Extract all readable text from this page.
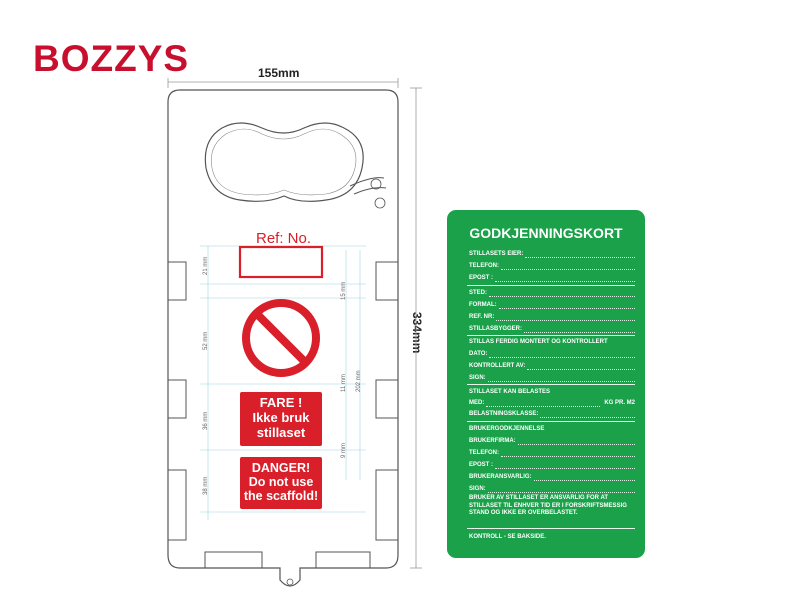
BOZZYS	155mm
334mm
Ref: No.
21 mm
52 mm
36 mm
38 mm
15 mm
11 mm 202 mm
9 mm
FARE !
Ikke bruk
stillaset
DANGER!
Do not use
the scaffold!
GODKJENNINGSKORT
STILLASETS EIER:
TELEFON:
EPOST :
STED:
FORMAL:
REF. NR:
STILLASBYGGER:
STILLAS FERDIG MONTERT OG KONTROLLERT
DATO:
KONTROLLERT AV:
SIGN:
STILLASET KAN BELASTES
MED:	KG PR. M2
BELASTNINGSKLASSE:
BRUKERGODKJENNELSE
BRUKERFIRMA:
TELEFON:
EPOST :
BRUKERANSVARLIG:
SIGN:
BRUKER AV STILLASET ER ANSVARLIG FOR AT STILLASET TIL ENHVER TID ER I FORSKRIFTSMESSIG STAND OG IKKE ER OVERBELASTET.
KONTROLL - SE BAKSIDE.
